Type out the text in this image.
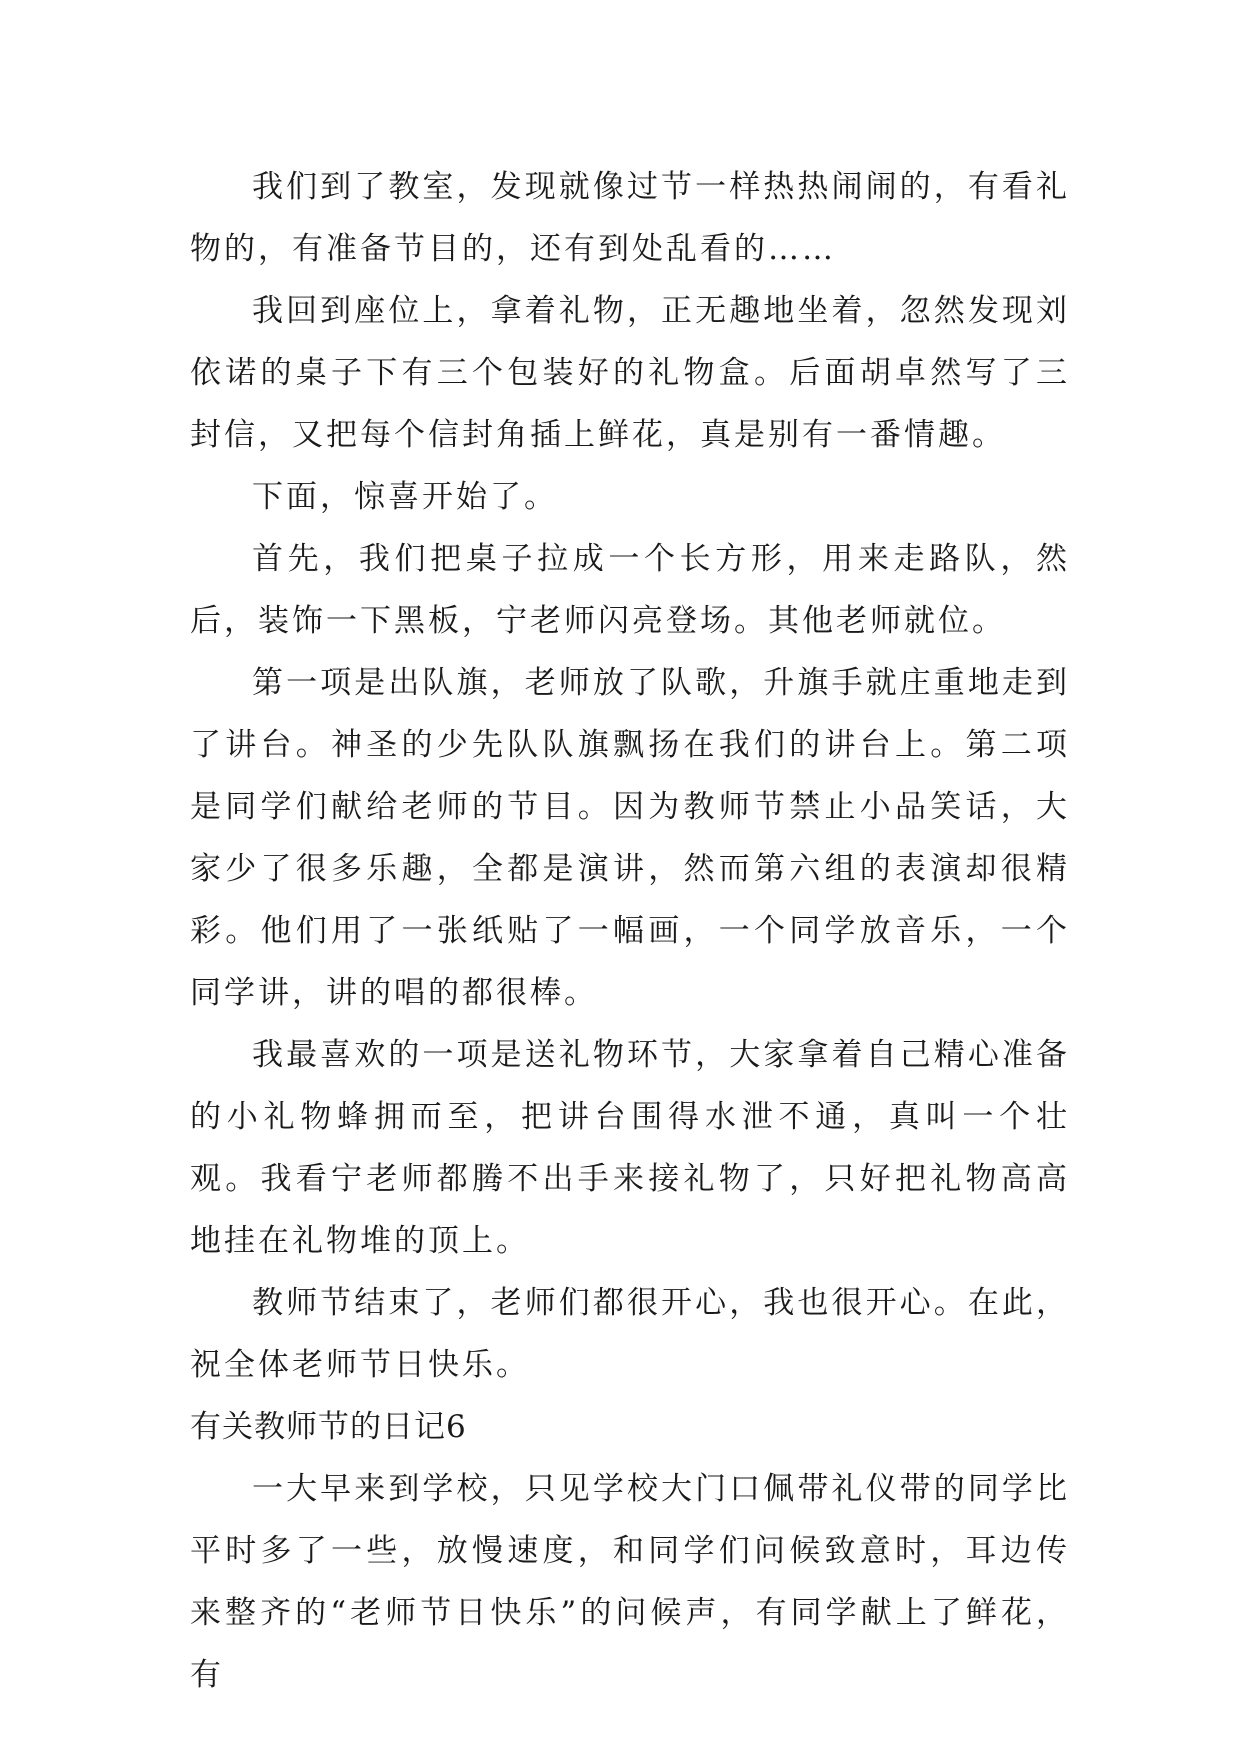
我们到了教室，发现就像过节一样热热闹闹的，有看礼物的，有准备节目的，还有到处乱看的……

我回到座位上，拿着礼物，正无趣地坐着，忽然发现刘依诺的桌子下有三个包装好的礼物盒。后面胡卓然写了三封信，又把每个信封角插上鲜花，真是别有一番情趣。

下面，惊喜开始了。

首先，我们把桌子拉成一个长方形，用来走路队，然后，装饰一下黑板，宁老师闪亮登场。其他老师就位。

第一项是出队旗，老师放了队歌，升旗手就庄重地走到了讲台。神圣的少先队队旗飘扬在我们的讲台上。第二项是同学们献给老师的节目。因为教师节禁止小品笑话，大家少了很多乐趣，全都是演讲，然而第六组的表演却很精彩。他们用了一张纸贴了一幅画，一个同学放音乐，一个同学讲，讲的唱的都很棒。

我最喜欢的一项是送礼物环节，大家拿着自己精心准备的小礼物蜂拥而至，把讲台围得水泄不通，真叫一个壮观。我看宁老师都腾不出手来接礼物了，只好把礼物高高地挂在礼物堆的顶上。

教师节结束了，老师们都很开心，我也很开心。在此，祝全体老师节日快乐。

有关教师节的日记6

一大早来到学校，只见学校大门口佩带礼仪带的同学比平时多了一些，放慢速度，和同学们问候致意时，耳边传来整齐的“老师节日快乐”的问候声，有同学献上了鲜花，有
